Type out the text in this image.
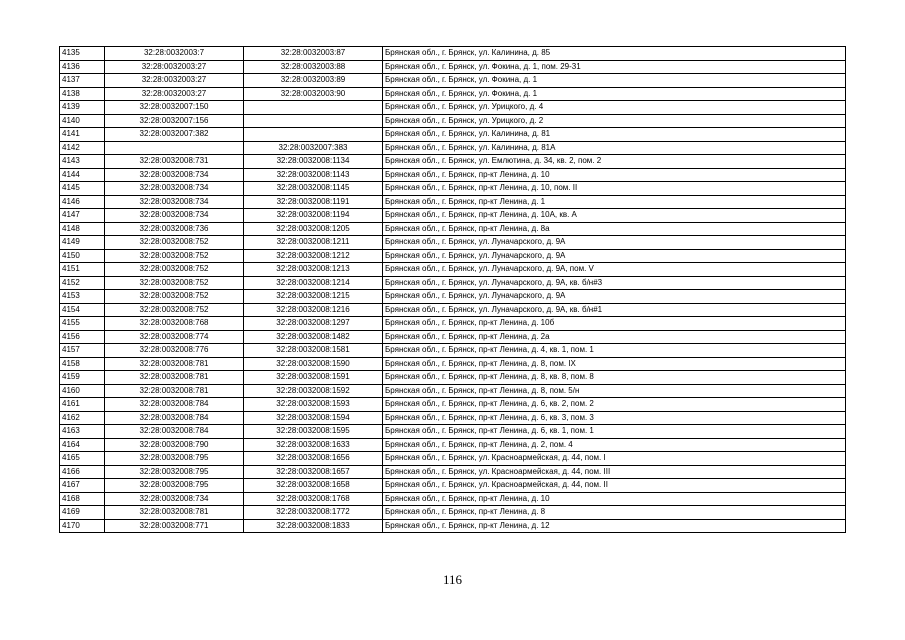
4135	32:28:0032003:7	32:28:0032003:87	Брянская обл., г. Брянск, ул. Калинина, д. 85
4136	32:28:0032003:27	32:28:0032003:88	Брянская обл., г. Брянск, ул. Фокина, д. 1, пом. 29-31
4137	32:28:0032003:27	32:28:0032003:89	Брянская обл., г. Брянск, ул. Фокина, д. 1
4138	32:28:0032003:27	32:28:0032003:90	Брянская обл., г. Брянск, ул. Фокина, д. 1
4139	32:28:0032007:150		Брянская обл., г. Брянск, ул. Урицкого, д. 4
4140	32:28:0032007:156		Брянская обл., г. Брянск, ул. Урицкого, д. 2
4141	32:28:0032007:382		Брянская обл., г. Брянск, ул. Калинина, д. 81
4142		32:28:0032007:383	Брянская обл., г. Брянск, ул. Калинина, д. 81А
4143	32:28:0032008:731	32:28:0032008:1134	Брянская обл., г. Брянск, ул. Емлютина, д. 34, кв. 2, пом. 2
4144	32:28:0032008:734	32:28:0032008:1143	Брянская обл., г. Брянск, пр-кт Ленина, д. 10
4145	32:28:0032008:734	32:28:0032008:1145	Брянская обл., г. Брянск, пр-кт Ленина, д. 10, пом. II
4146	32:28:0032008:734	32:28:0032008:1191	Брянская обл., г. Брянск, пр-кт Ленина, д. 1
4147	32:28:0032008:734	32:28:0032008:1194	Брянская обл., г. Брянск, пр-кт Ленина, д. 10А, кв. А
4148	32:28:0032008:736	32:28:0032008:1205	Брянская обл., г. Брянск, пр-кт Ленина, д. 8а
4149	32:28:0032008:752	32:28:0032008:1211	Брянская обл., г. Брянск, ул. Луначарского, д. 9А
4150	32:28:0032008:752	32:28:0032008:1212	Брянская обл., г. Брянск, ул. Луначарского, д. 9А
4151	32:28:0032008:752	32:28:0032008:1213	Брянская обл., г. Брянск, ул. Луначарского, д. 9А, пом. V
4152	32:28:0032008:752	32:28:0032008:1214	Брянская обл., г. Брянск, ул. Луначарского, д. 9А, кв. б/н#3
4153	32:28:0032008:752	32:28:0032008:1215	Брянская обл., г. Брянск, ул. Луначарского, д. 9А
4154	32:28:0032008:752	32:28:0032008:1216	Брянская обл., г. Брянск, ул. Луначарского, д. 9А, кв. б/н#1
4155	32:28:0032008:768	32:28:0032008:1297	Брянская обл., г. Брянск, пр-кт Ленина, д. 10б
4156	32:28:0032008:774	32:28:0032008:1482	Брянская обл., г. Брянск, пр-кт Ленина, д. 2а
4157	32:28:0032008:776	32:28:0032008:1581	Брянская обл., г. Брянск, пр-кт Ленина, д. 4, кв. 1, пом. 1
4158	32:28:0032008:781	32:28:0032008:1590	Брянская обл., г. Брянск, пр-кт Ленина, д. 8, пом. IX
4159	32:28:0032008:781	32:28:0032008:1591	Брянская обл., г. Брянск, пр-кт Ленина, д. 8, кв. 8, пом. 8
4160	32:28:0032008:781	32:28:0032008:1592	Брянская обл., г. Брянск, пр-кт Ленина, д. 8, пом. 5/н
4161	32:28:0032008:784	32:28:0032008:1593	Брянская обл., г. Брянск, пр-кт Ленина, д. 6, кв. 2, пом. 2
4162	32:28:0032008:784	32:28:0032008:1594	Брянская обл., г. Брянск, пр-кт Ленина, д. 6, кв. 3, пом. 3
4163	32:28:0032008:784	32:28:0032008:1595	Брянская обл., г. Брянск, пр-кт Ленина, д. 6, кв. 1, пом. 1
4164	32:28:0032008:790	32:28:0032008:1633	Брянская обл., г. Брянск, пр-кт Ленина, д. 2, пом. 4
4165	32:28:0032008:795	32:28:0032008:1656	Брянская обл., г. Брянск, ул. Красноармейская, д. 44, пом. I
4166	32:28:0032008:795	32:28:0032008:1657	Брянская обл., г. Брянск, ул. Красноармейская, д. 44, пом. III
4167	32:28:0032008:795	32:28:0032008:1658	Брянская обл., г. Брянск, ул. Красноармейская, д. 44, пом. II
4168	32:28:0032008:734	32:28:0032008:1768	Брянская обл., г. Брянск, пр-кт Ленина, д. 10
4169	32:28:0032008:781	32:28:0032008:1772	Брянская обл., г. Брянск, пр-кт Ленина, д. 8
4170	32:28:0032008:771	32:28:0032008:1833	Брянская обл., г. Брянск, пр-кт Ленина, д. 12
116
